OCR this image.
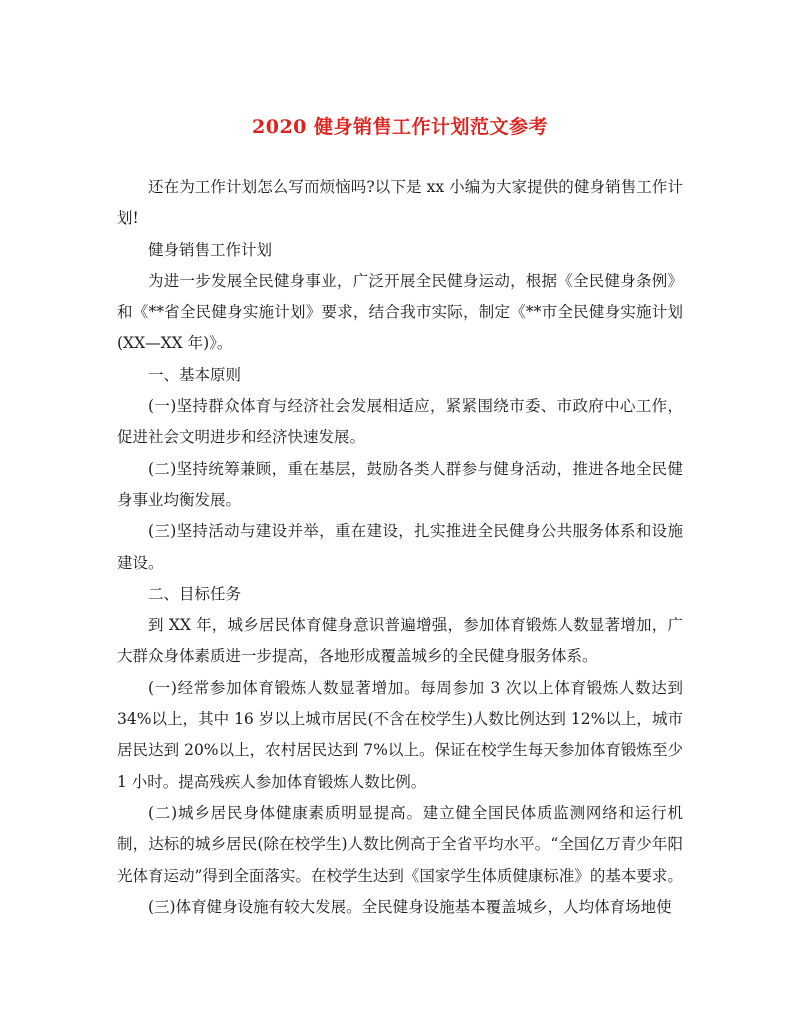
2020 健身销售工作计划范文参考

还在为工作计划怎么写而烦恼吗?以下是 xx 小编为大家提供的健身销售工作计划!

健身销售工作计划

为进一步发展全民健身事业，广泛开展全民健身运动，根据《全民健身条例》和《**省全民健身实施计划》要求，结合我市实际，制定《**市全民健身实施计划(XX—XX 年)》。

一、基本原则

(一)坚持群众体育与经济社会发展相适应，紧紧围绕市委、市政府中心工作，促进社会文明进步和经济快速发展。

(二)坚持统筹兼顾，重在基层，鼓励各类人群参与健身活动，推进各地全民健身事业均衡发展。

(三)坚持活动与建设并举，重在建设，扎实推进全民健身公共服务体系和设施建设。

二、目标任务

到 XX 年，城乡居民体育健身意识普遍增强，参加体育锻炼人数显著增加，广大群众身体素质进一步提高，各地形成覆盖城乡的全民健身服务体系。

(一)经常参加体育锻炼人数显著增加。每周参加 3 次以上体育锻炼人数达到 34%以上，其中 16 岁以上城市居民(不含在校学生)人数比例达到 12%以上，城市居民达到 20%以上，农村居民达到 7%以上。保证在校学生每天参加体育锻炼至少 1 小时。提高残疾人参加体育锻炼人数比例。

(二)城乡居民身体健康素质明显提高。建立健全国民体质监测网络和运行机制，达标的城乡居民(除在校学生)人数比例高于全省平均水平。“全国亿万青少年阳光体育运动”得到全面落实。在校学生达到《国家学生体质健康标准》的基本要求。

(三)体育健身设施有较大发展。全民健身设施基本覆盖城乡，人均体育场地使
